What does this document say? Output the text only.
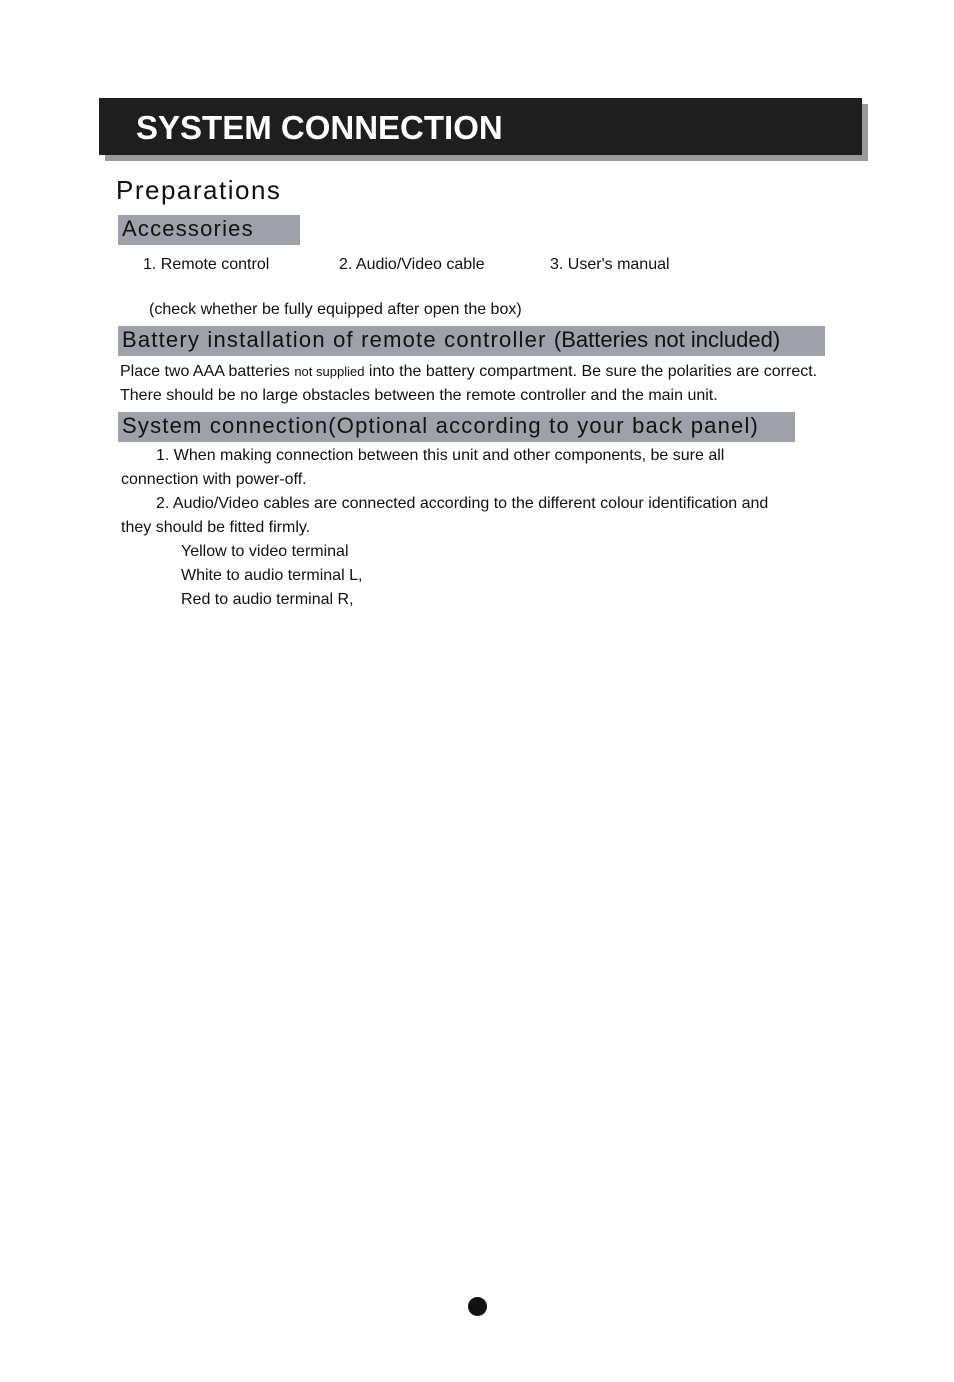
SYSTEM CONNECTION
Preparations
Accessories
1. Remote control	2. Audio/Video cable	3. User's manual
(check whether be fully equipped after open the box)
Battery installation of remote controller (Batteries not included)
Place two AAA batteries not supplied into the battery compartment. Be sure the polarities are correct.
There should be no large obstacles between the remote controller and the main unit.
System connection(Optional according to your back panel)
1. When making connection between this unit and other components, be sure all
connection with power-off.
2. Audio/Video cables are connected according to the different colour identification and
they should be fitted firmly.
Yellow to video terminal
White to audio terminal L,
Red to audio terminal R,
